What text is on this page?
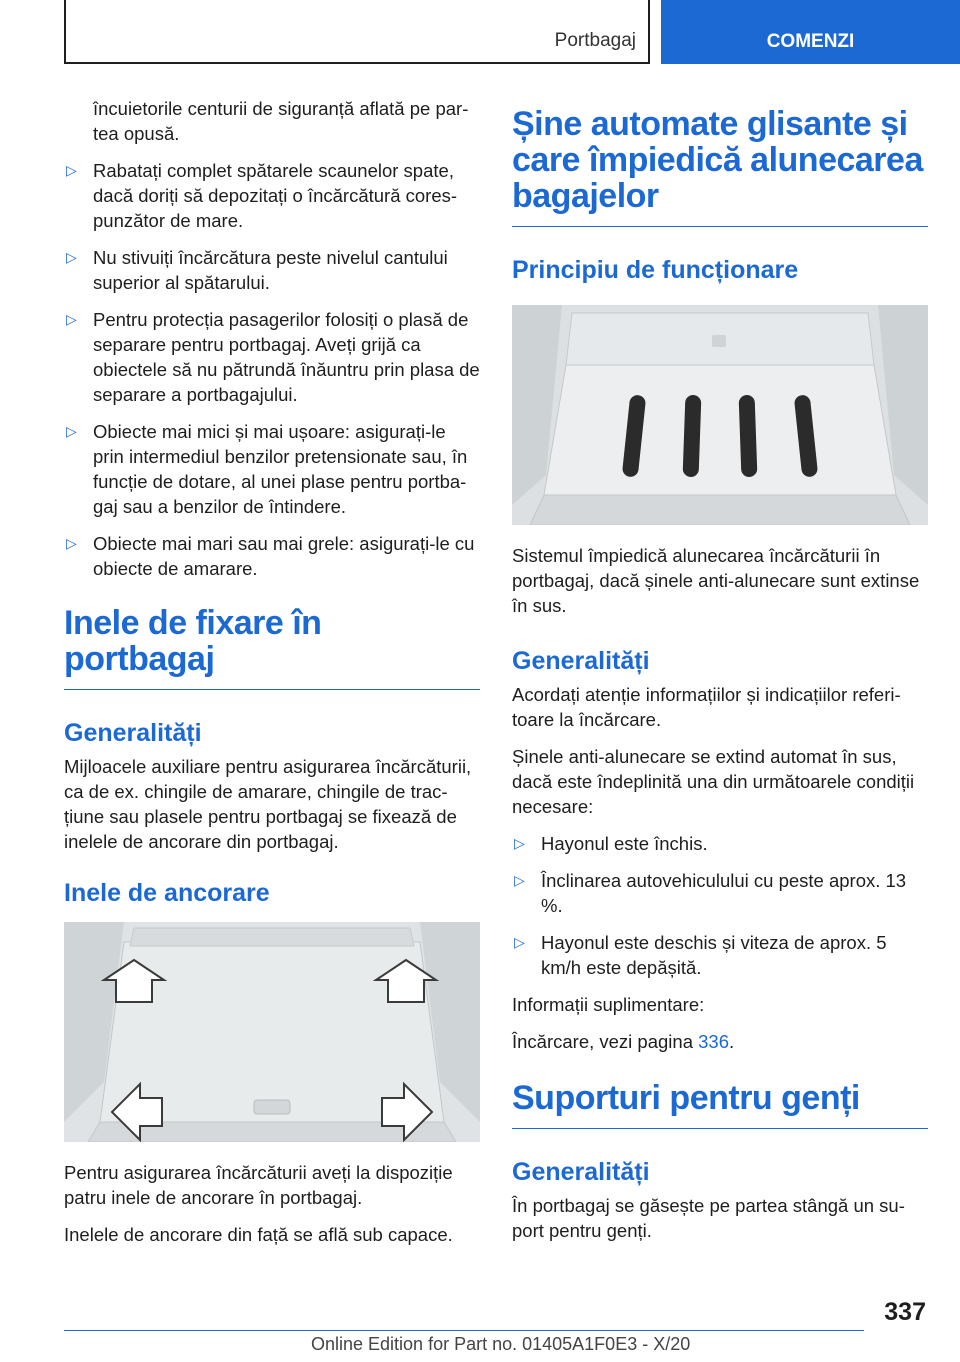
Portbagaj	COMENZI

încuietorile centurii de siguranță aflată pe par-tea opusă.

▷ Rabatați complet spătarele scaunelor spate, dacă doriți să depozitați o încărcătură cores-punzător de mare.
▷ Nu stivuiți încărcătura peste nivelul cantului superior al spătarului.
▷ Pentru protecția pasagerilor folosiți o plasă de separare pentru portbagaj. Aveți grijă ca obiectele să nu pătrundă înăuntru prin plasa de separare a portbagajului.
▷ Obiecte mai mici și mai ușoare: asigurați-le prin intermediul benzilor pretensionate sau, în funcție de dotare, al unei plase pentru portba-gaj sau a benzilor de întindere.
▷ Obiecte mai mari sau mai grele: asigurați-le cu obiecte de amarare.
Inele de fixare în portbagaj
Generalități

Mijloacele auxiliare pentru asigurarea încărcăturii, ca de ex. chingile de amarare, chingile de trac-țiune sau plasele pentru portbagaj se fixează de inelele de ancorare din portbagaj.

Inele de ancorare

Pentru asigurarea încărcăturii aveți la dispoziție patru inele de ancorare în portbagaj.

Inelele de ancorare din față se află sub capace.

Șine automate glisante și care împiedică alunecarea bagajelor
Principiu de funcționare

Sistemul împiedică alunecarea încărcăturii în portbagaj, dacă șinele anti-alunecare sunt extinse în sus.

Generalități

Acordați atenție informațiilor și indicațiilor referi-toare la încărcare.

Șinele anti-alunecare se extind automat în sus, dacă este îndeplinită una din următoarele condiții necesare:

▷ Hayonul este închis.
▷ Înclinarea autovehiculului cu peste aprox. 13 %.
▷ Hayonul este deschis și viteza de aprox. 5 km/h este depășită.

Informații suplimentare:

Încărcare, vezi pagina 336.

Suporturi pentru genți
Generalități

În portbagaj se găsește pe partea stângă un su-port pentru genți.

337
Online Edition for Part no. 01405A1F0E3 - X/20
